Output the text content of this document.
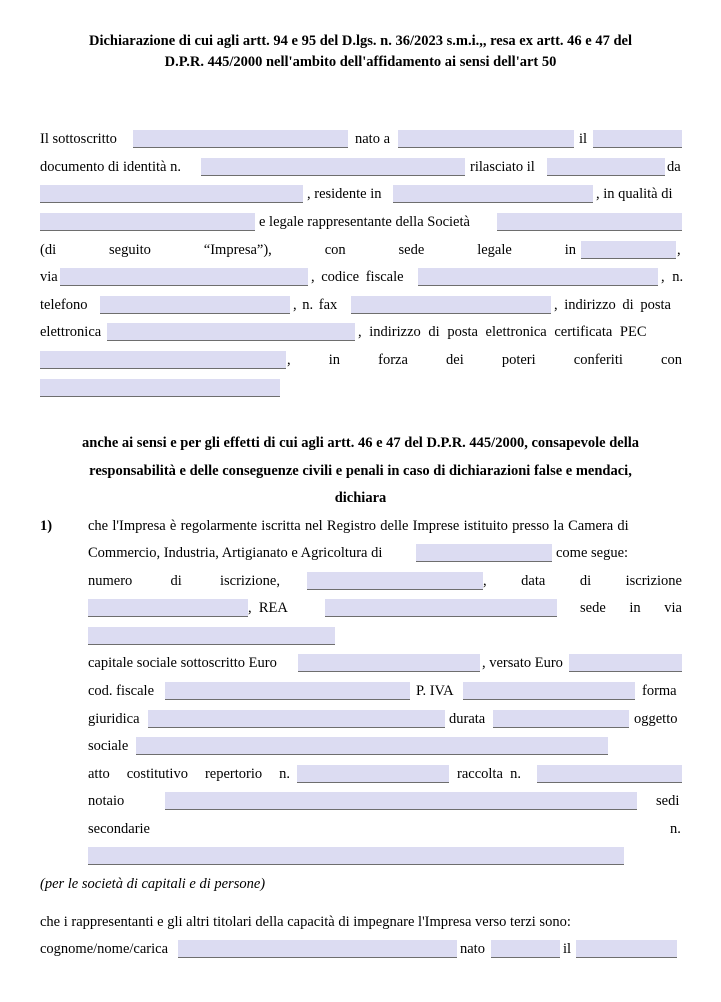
Dichiarazione di cui agli artt. 94 e 95 del D.lgs. n. 36/2023 s.m.i.,, resa ex artt. 46 e 47 del
D.P.R. 445/2000 nell'ambito dell'affidamento ai sensi dell'art 50
Il sottoscritto	nato a	il
documento di identità n.	rilasciato il	da
, residente in	, in qualità di
e legale rappresentante della Società
(di	seguito	“Impresa”),	con	sede	legale	in	,
via	, codice fiscale	, n.
telefono	, n. fax	, indirizzo di posta
elettronica	, indirizzo di posta elettronica certificata PEC
,	in	forza	dei	poteri	conferiti	con
anche ai sensi e per gli effetti di cui agli artt. 46 e 47 del D.P.R. 445/2000, consapevole della
responsabilità e delle conseguenze civili e penali in caso di dichiarazioni false e mendaci,
dichiara
1) che l'Impresa è regolarmente iscritta nel Registro delle Imprese istituito presso la Camera di
Commercio, Industria, Artigianato e Agricoltura di	come segue:
numero	di	iscrizione,	, data di iscrizione
,  REA	sede in via
capitale sociale sottoscritto Euro	, versato Euro
cod. fiscale	P. IVA	forma
giuridica	durata	oggetto
sociale
atto costitutivo repertorio n.	raccolta  n.
notaio	sedi
secondarie	n.
(per le società di capitali e di persone)
che i rappresentanti e gli altri titolari della capacità di impegnare l'Impresa verso terzi sono:
cognome/nome/carica	nato	il
